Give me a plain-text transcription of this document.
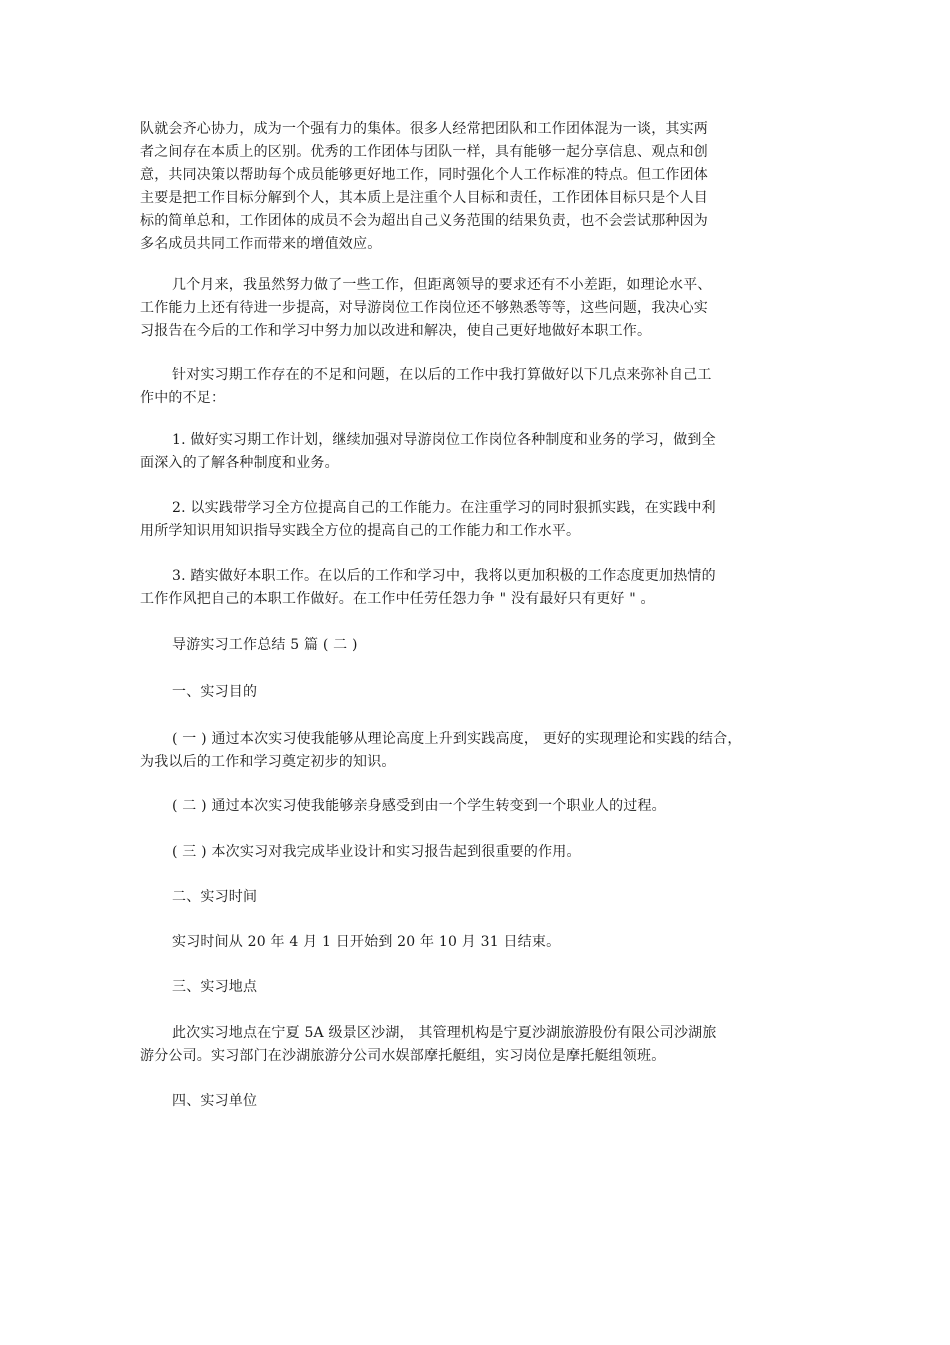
队就会齐心协力，成为一个强有力的集体。很多人经常把团队和工作团体混为一谈，其实两
者之间存在本质上的区别。优秀的工作团体与团队一样，具有能够一起分享信息、观点和创
意，共同决策以帮助每个成员能够更好地工作，同时强化个人工作标准的特点。但工作团体
主要是把工作目标分解到个人，其本质上是注重个人目标和责任，工作团体目标只是个人目
标的简单总和，工作团体的成员不会为超出自己义务范围的结果负责，也不会尝试那种因为
多名成员共同工作而带来的增值效应。
几个月来，我虽然努力做了一些工作，但距离领导的要求还有不小差距，如理论水平、
工作能力上还有待进一步提高，对导游岗位工作岗位还不够熟悉等等，这些问题，我决心实
习报告在今后的工作和学习中努力加以改进和解决，使自己更好地做好本职工作。
针对实习期工作存在的不足和问题，在以后的工作中我打算做好以下几点来弥补自己工
作中的不足：
1. 做好实习期工作计划，继续加强对导游岗位工作岗位各种制度和业务的学习，做到全
面深入的了解各种制度和业务。
2. 以实践带学习全方位提高自己的工作能力。在注重学习的同时狠抓实践，在实践中利
用所学知识用知识指导实践全方位的提高自己的工作能力和工作水平。
3. 踏实做好本职工作。在以后的工作和学习中，我将以更加积极的工作态度更加热情的
工作作风把自己的本职工作做好。在工作中任劳任怨力争 " 没有最好只有更好 " 。
导游实习工作总结 5 篇 ( 二 )
一、实习目的
( 一 ) 通过本次实习使我能够从理论高度上升到实践高度， 更好的实现理论和实践的结合，
为我以后的工作和学习奠定初步的知识。
( 二 ) 通过本次实习使我能够亲身感受到由一个学生转变到一个职业人的过程。
( 三 ) 本次实习对我完成毕业设计和实习报告起到很重要的作用。
二、实习时间
实习时间从 20 年 4 月 1 日开始到 20 年 10 月 31 日结束。
三、实习地点
此次实习地点在宁夏 5A 级景区沙湖， 其管理机构是宁夏沙湖旅游股份有限公司沙湖旅
游分公司。实习部门在沙湖旅游分公司水娱部摩托艇组，实习岗位是摩托艇组领班。
四、实习单位
